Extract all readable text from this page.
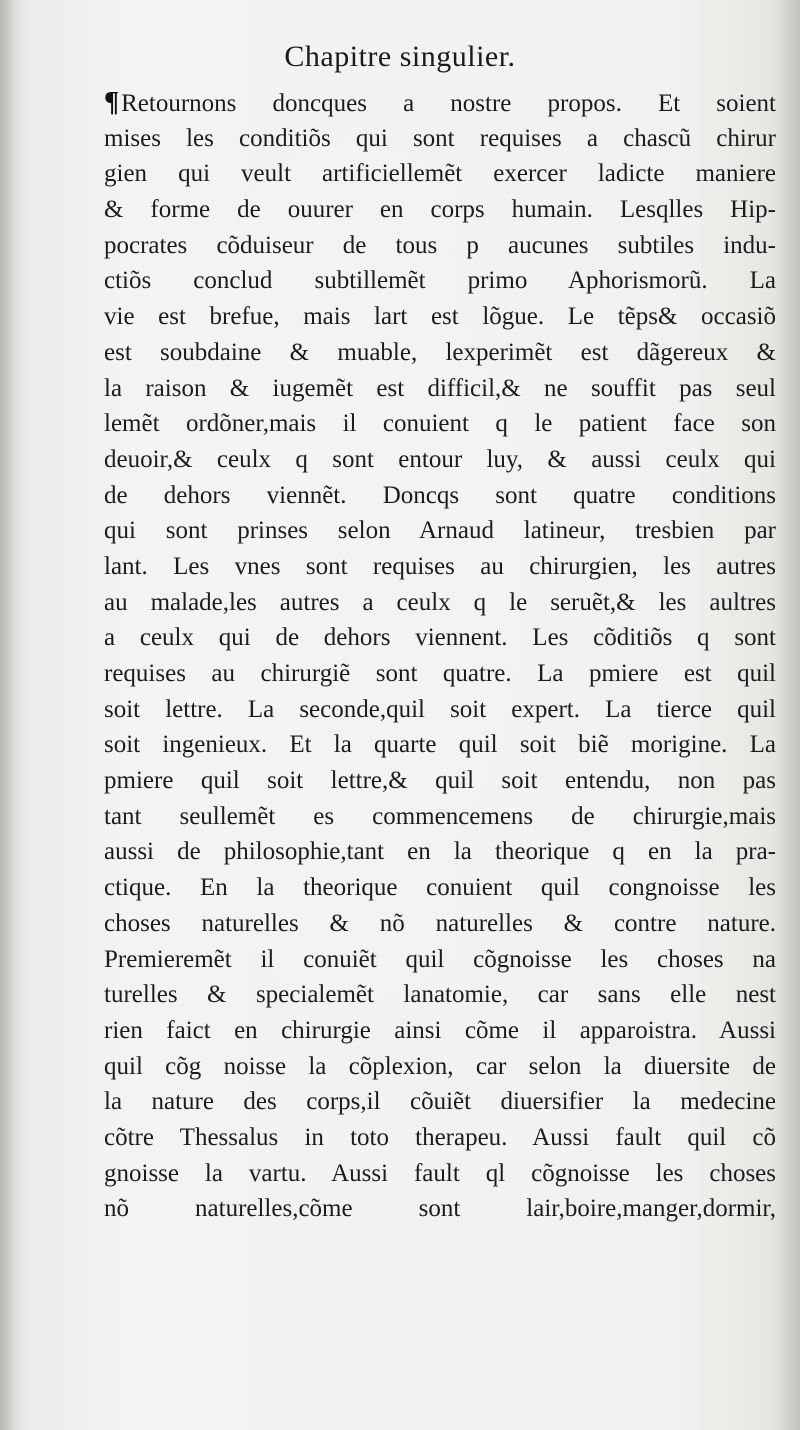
Chapitre singulier.
¶Retournons doncques a nostre propos. Et soient
mises les conditiõs qui sont requises a chascũ chirur
gien qui veult artificiellemẽt exercer ladicte maniere
& forme de ouurer en corps humain. Lesqlles Hip-
pocrates cõduiseur de tous p aucunes subtiles indu-
ctiõs conclud subtillemẽt primo Aphorismorũ. La
vie est brefue, mais lart est lõgue. Le tẽps& occasiõ
est soubdaine & muable, lexperimẽt est dãgereux &
la raison & iugemẽt est difficil,& ne souffit pas seul
lemẽt ordõner,mais il conuient q le patient face son
deuoir,& ceulx q sont entour luy, & aussi ceulx qui
de dehors viennẽt. Doncqs sont quatre conditions
qui sont prinses selon Arnaud latineur, tresbien par
lant. Les vnes sont requises au chirurgien, les autres
au malade,les autres a ceulx q le seruẽt,& les aultres
a ceulx qui de dehors viennent. Les cõditiõs q sont
requises au chirurgiẽ sont quatre. La pmiere est quil
soit lettre. La seconde,quil soit expert. La tierce quil
soit ingenieux. Et la quarte quil soit biẽ morigine. La
pmiere quil soit lettre,& quil soit entendu, non pas
tant seullemẽt es commencemens de chirurgie,mais
aussi de philosophie,tant en la theorique q en la pra-
ctique. En la theorique conuient quil congnoisse les
choses naturelles & nõ naturelles & contre nature.
Premieremẽt il conuiẽt quil cõgnoisse les choses na
turelles & specialemẽt lanatomie, car sans elle nest
rien faict en chirurgie ainsi cõme il apparoistra. Aussi
quil cõg noisse la cõplexion, car selon la diuersite de
la nature des corps,il cõuiẽt diuersifier la medecine
cõtre Thessalus in toto therapeu. Aussi fault quil cõ
gnoisse la vartu. Aussi fault ql cõgnoisse les choses
nõ naturelles,cõme sont lair,boire,manger,dormir,
